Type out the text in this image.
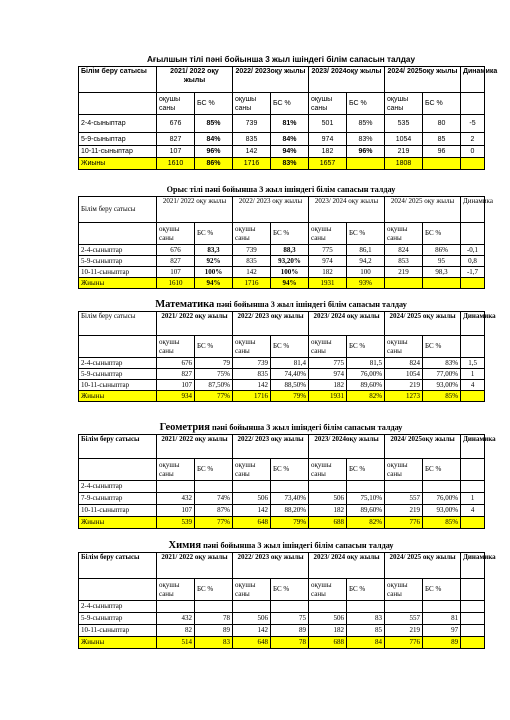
Ағылшын тілі пәні бойынша 3 жыл ішіндегі білім сапасын талдау
Білім беру сатысы	2021/ 2022 оқу жылы		2022/ 2023оқу жылы		2023/ 2024оқу жылы		2024/ 2025оқу жылы		Динамика
	оқушы саны	БС %	оқушы саны	БС %	оқушы саны	БС %	оқушы саны	БС %	
2-4-сыныптар	676	85%	739	81%	501	85%	535	80	-5
5-9-сыныптар	827	84%	835	84%	974	83%	1054	85	2
10-11-сыныптар	107	96%	142	94%	182	96%	219	96	0
Жиыны	1610	86%	1716	83%	1657		1808		
Орыс тілі пәні бойынша 3 жыл ішіндегі білім сапасын талдау
Білім беру сатысы	2021/ 2022 оқу жылы		2022/ 2023 оқу жылы		2023/ 2024 оқу жылы		2024/ 2025 оқу жылы		Динамика
	оқушы саны	БС %	оқушы саны	БС %	оқушы саны	БС %	оқушы саны	БС %	
2-4-сыныптар	676	83,3	739	88,3	775	86,1	824	86%	-0,1
5-9-сыныптар	827	92%	835	93,20%	974	94,2	853	95	0,8
10-11-сыныптар	107	100%	142	100%	182	100	219	98,3	-1,7
Жиыны	1610	94%	1716	94%	1931	93%			
Математика пәні бойынша 3 жыл ішіндегі білім сапасын талдау
Білім беру сатысы	2021/ 2022 оқу жылы		2022/ 2023 оқу жылы		2023/ 2024 оқу жылы		2024/ 2025 оқу жылы		Динамика
	оқушы саны	БС %	оқушы саны	БС %	оқушы саны	БС %	оқушы саны	БС %	
2-4-сыныптар	676	79	739	81,4	775	81,5	824	83%	1,5
5-9-сыныптар	827	75%	835	74,40%	974	76,00%	1054	77,00%	1
10-11-сыныптар	107	87,50%	142	88,50%	182	89,60%	219	93,00%	4
Жиыны	934	77%	1716	79%	1931	82%	1273	85%	
Геометрия пәні бойынша 3 жыл ішіндегі білім сапасын талдау
Білім беру сатысы	2021/ 2022 оқу жылы		2022/ 2023 оқу жылы		2023/ 2024оқу жылы		2024/ 2025оқу жылы		Динамика
	оқушы саны	БС %	оқушы саны	БС %	оқушы саны	БС %	оқушы саны	БС %	
2-4-сыныптар									
7-9-сыныптар	432	74%	506	73,40%	506	75,10%	557	76,00%	1
10-11-сыныптар	107	87%	142	88,20%	182	89,60%	219	93,00%	4
Жиыны	539	77%	648	79%	688	82%	776	85%	
Химия пәні бойынша 3 жыл ішіндегі білім сапасын талдау
Білім беру сатысы	2021/ 2022 оқу жылы		2022/ 2023 оқу жылы		2023/ 2024 оқу жылы		2024/ 2025 оқу жылы		Динамика
	оқушы саны	БС %	оқушы саны	БС %	оқушы саны	БС %	оқушы саны	БС %	
2-4-сыныптар									
5-9-сыныптар	432	78	506	75	506	83	557	81	
10-11-сыныптар	82	89	142	89	182	85	219	97	
Жиыны	514	83	648	78	688	84	776	89	
